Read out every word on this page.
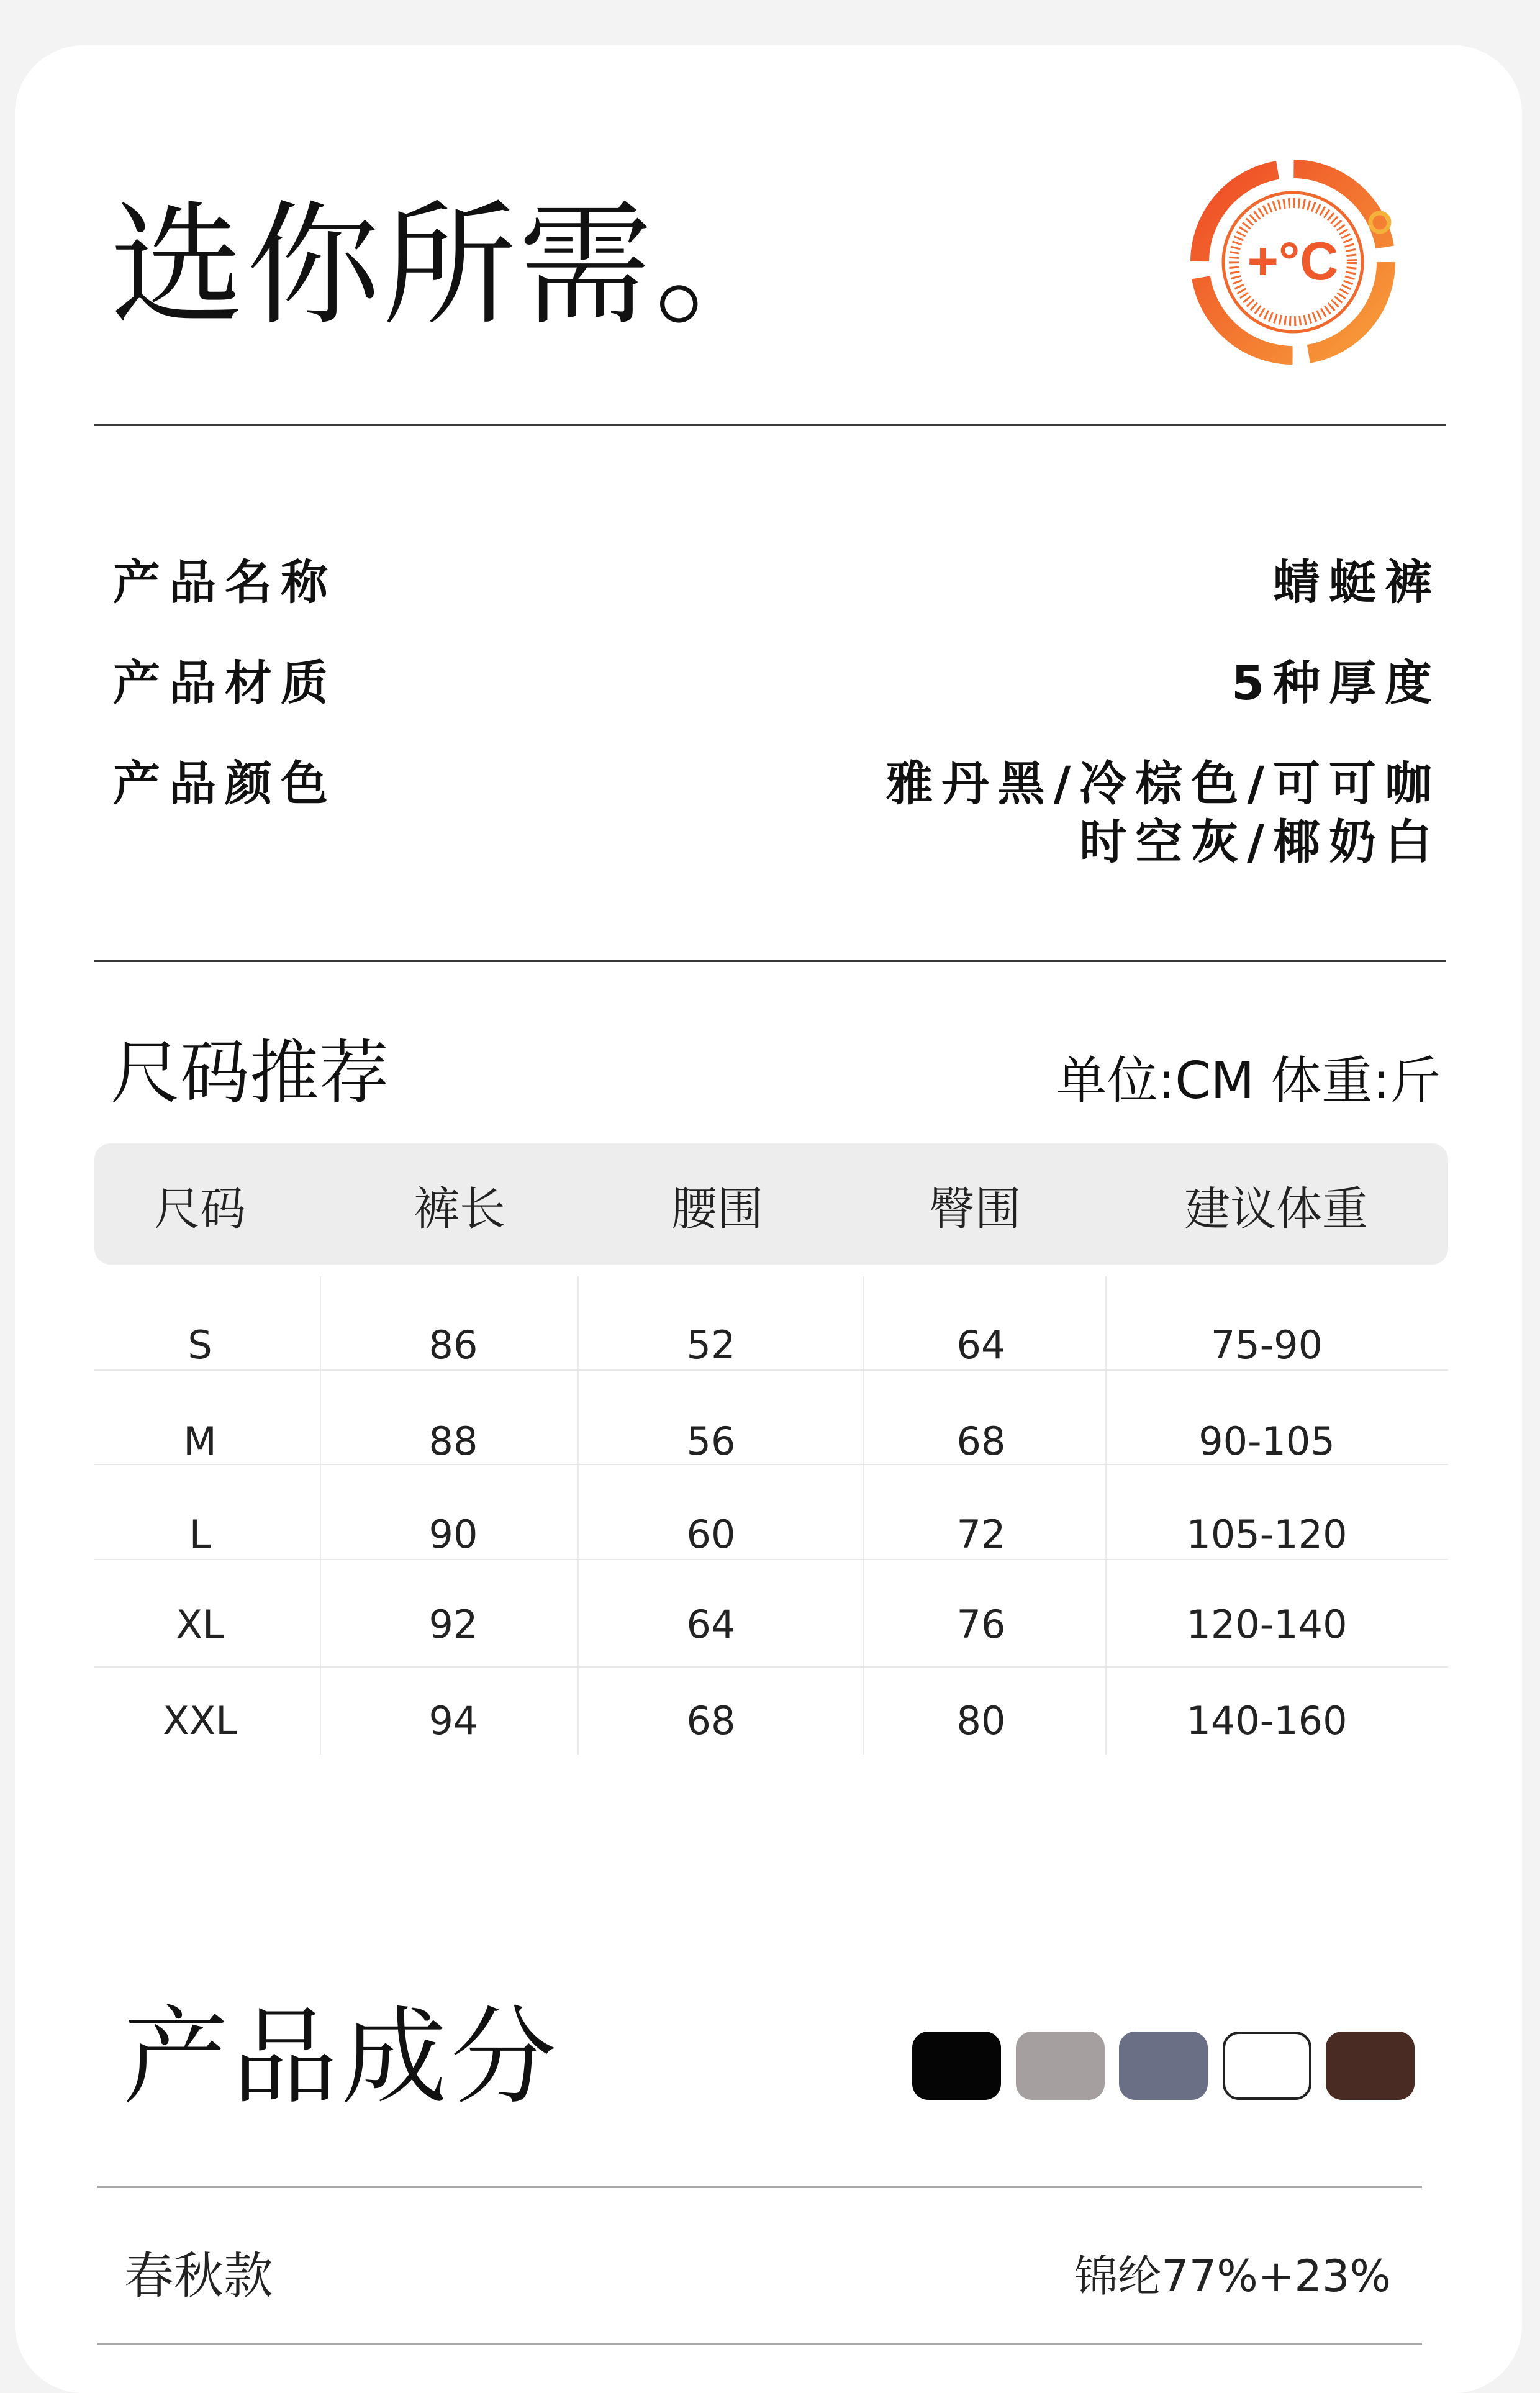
选你所需。	+°C
产品名称	蜻蜓裤
产品材质	5种厚度
产品颜色	雅丹黑/冷棕色/可可咖
时空灰/椰奶白
尺码推荐	单位:CM 体重:斤
尺码	裤长	腰围	臀围	建议体重
S	86	52	64	75-90
M	88	56	68	90-105
L	90	60	72	105-120
XL	92	64	76	120-140
XXL	94	68	80	140-160
产品成分
春秋款	锦纶77%+23%
